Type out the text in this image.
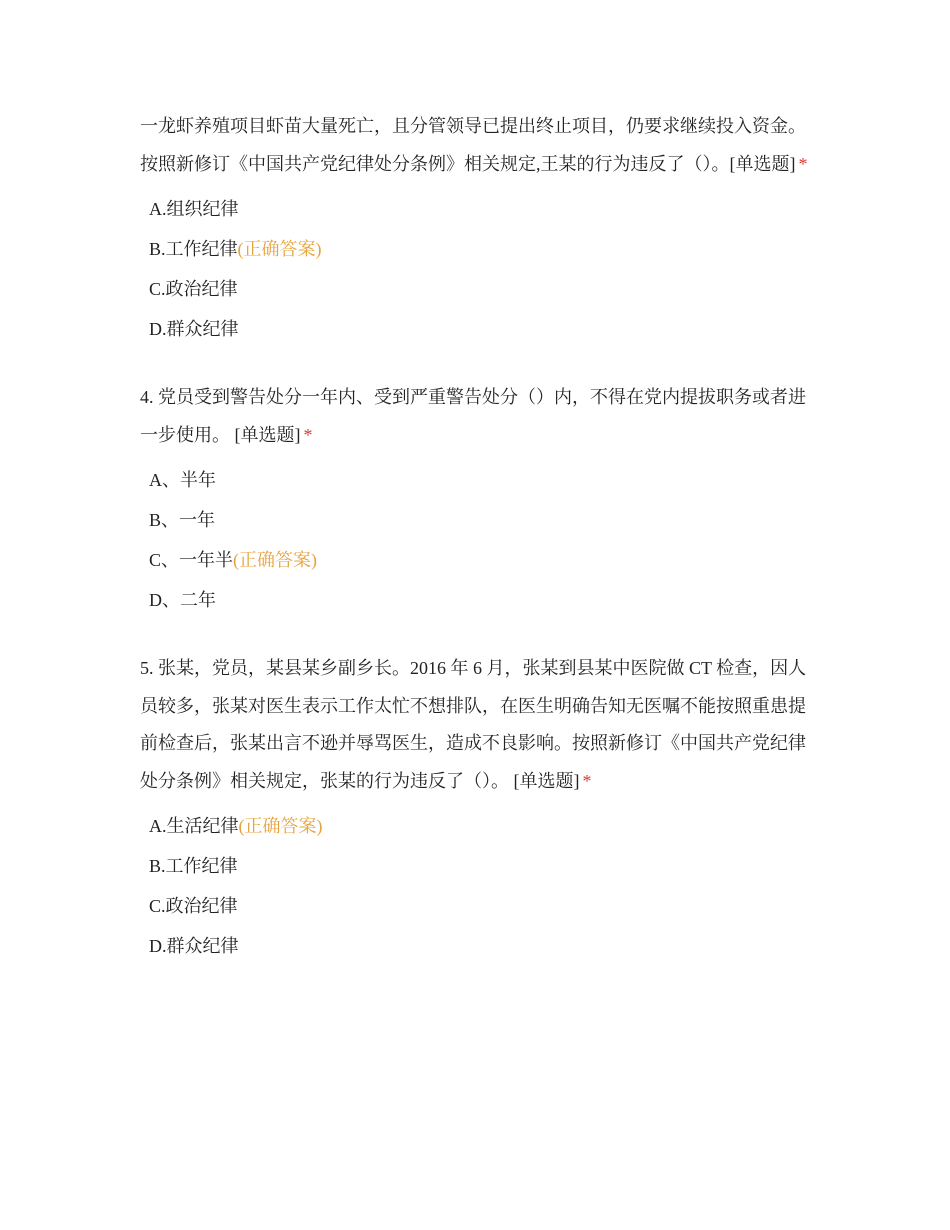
一龙虾养殖项目虾苗大量死亡，且分管领导已提出终止项目，仍要求继续投入资金。按照新修订《中国共产党纪律处分条例》相关规定,王某的行为违反了（）。[单选题] *

A.组织纪律
B.工作纪律(正确答案)
C.政治纪律
D.群众纪律

4. 党员受到警告处分一年内、受到严重警告处分（）内，不得在党内提拔职务或者进一步使用。 [单选题] *

A、半年
B、一年
C、一年半(正确答案)
D、二年

5. 张某，党员，某县某乡副乡长。2016 年 6 月，张某到县某中医院做 CT 检查，因人员较多，张某对医生表示工作太忙不想排队，在医生明确告知无医嘱不能按照重患提前检查后，张某出言不逊并辱骂医生，造成不良影响。按照新修订《中国共产党纪律处分条例》相关规定，张某的行为违反了（）。 [单选题] *

A.生活纪律(正确答案)
B.工作纪律
C.政治纪律
D.群众纪律
